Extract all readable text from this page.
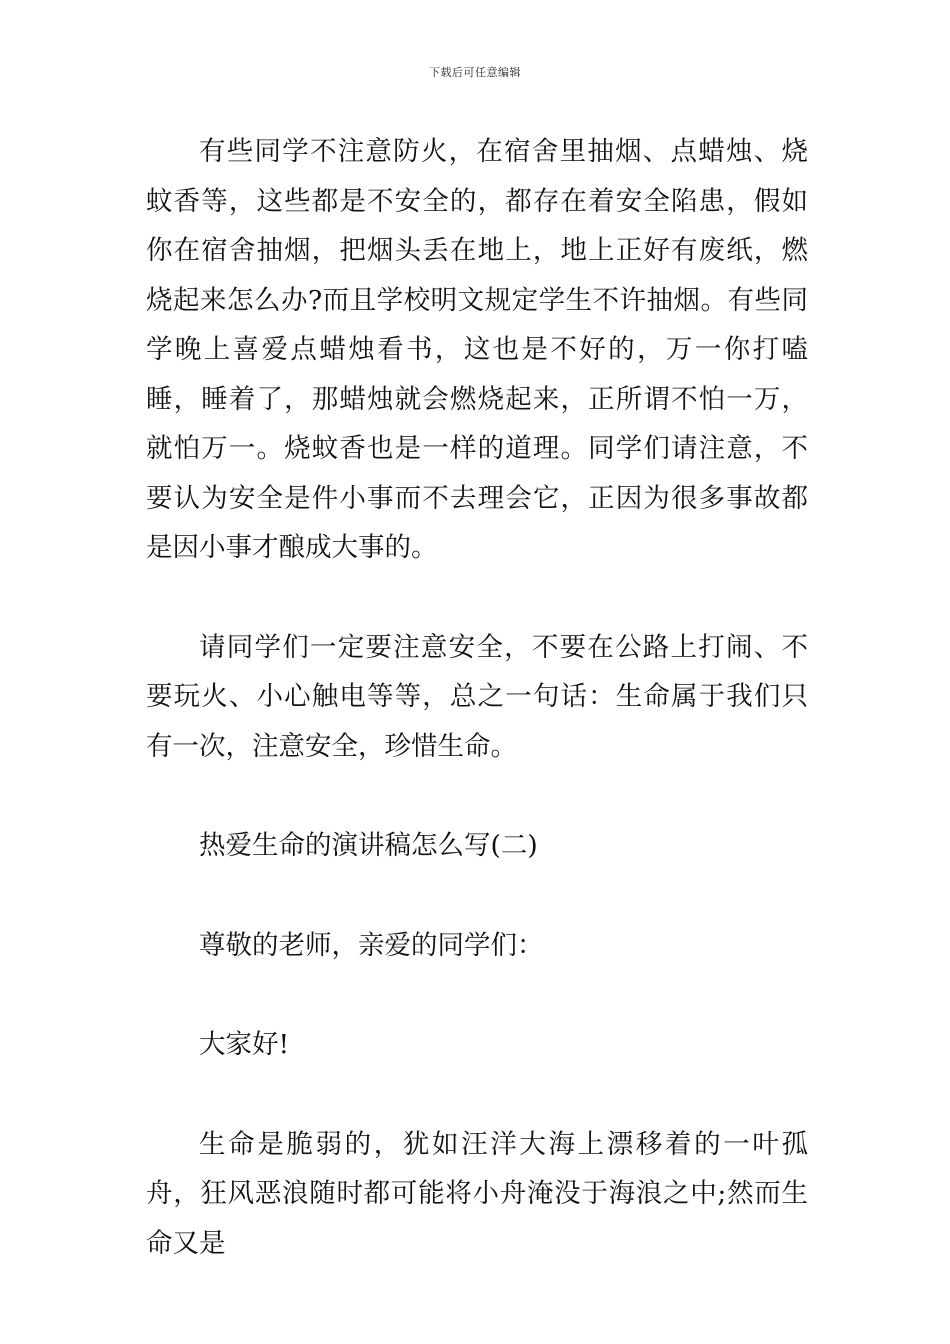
下载后可任意编辑

有些同学不注意防火，在宿舍里抽烟、点蜡烛、烧蚊香等，这些都是不安全的，都存在着安全陷患，假如你在宿舍抽烟，把烟头丢在地上，地上正好有废纸，燃烧起来怎么办?而且学校明文规定学生不许抽烟。有些同学晚上喜爱点蜡烛看书，这也是不好的，万一你打嗑睡，睡着了，那蜡烛就会燃烧起来，正所谓不怕一万，就怕万一。烧蚊香也是一样的道理。同学们请注意，不要认为安全是件小事而不去理会它，正因为很多事故都是因小事才酿成大事的。

请同学们一定要注意安全，不要在公路上打闹、不要玩火、小心触电等等，总之一句话：生命属于我们只有一次，注意安全，珍惜生命。

热爱生命的演讲稿怎么写(二)

尊敬的老师，亲爱的同学们：

大家好!

生命是脆弱的，犹如汪洋大海上漂移着的一叶孤舟，狂风恶浪随时都可能将小舟淹没于海浪之中;然而生命又是
